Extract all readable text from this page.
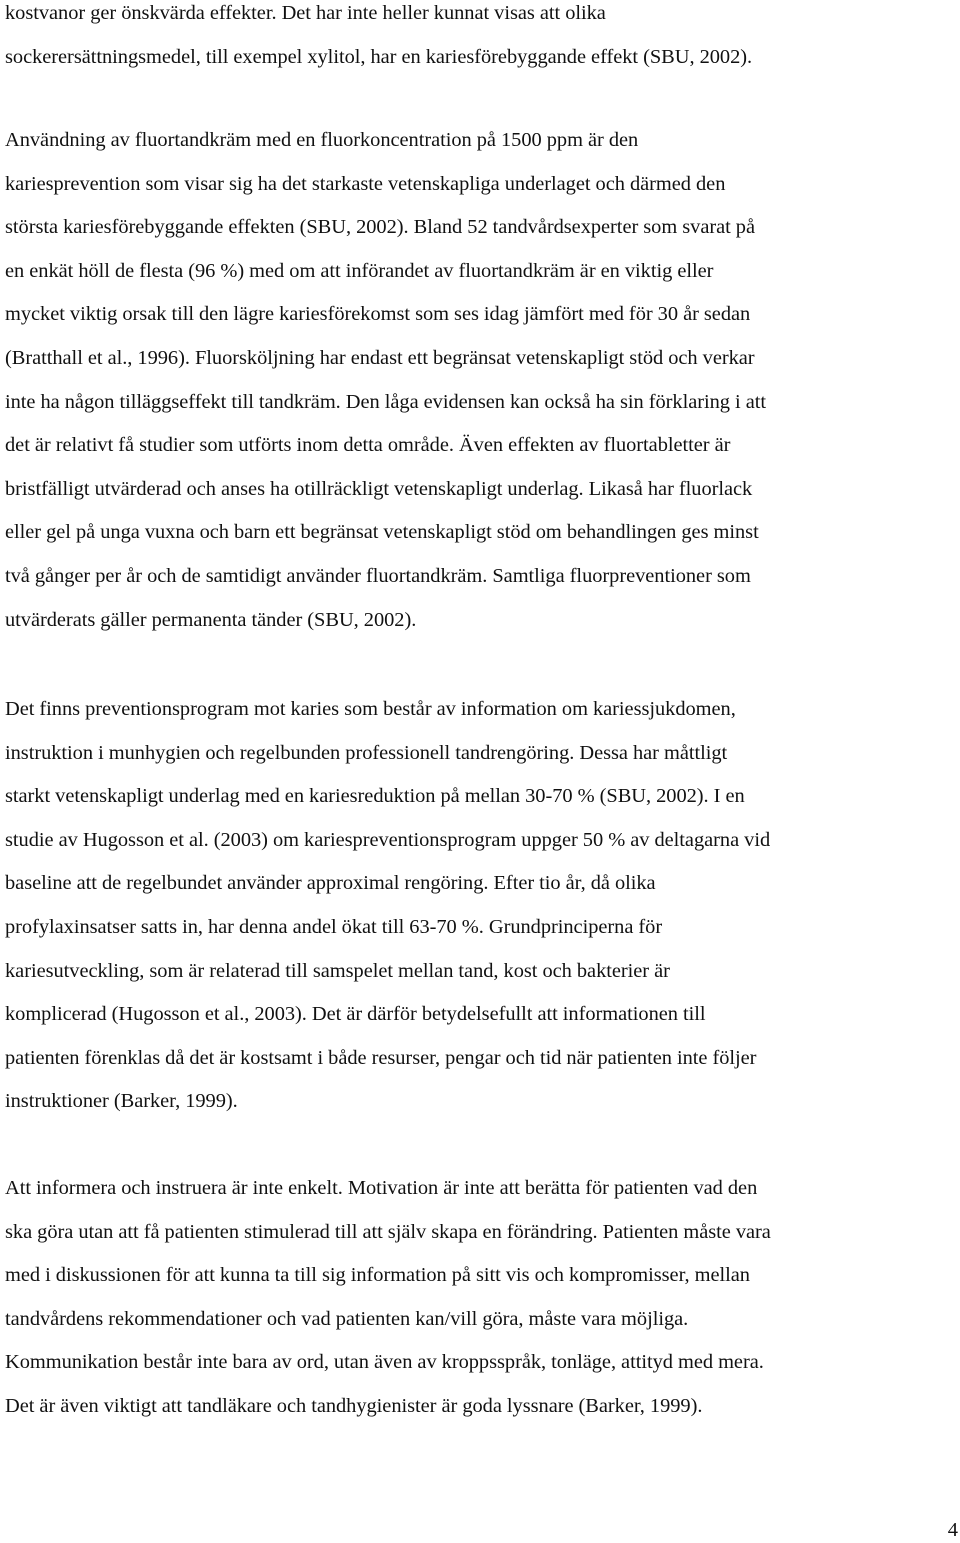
kostvanor ger önskvärda effekter. Det har inte heller kunnat visas att olika
sockerersättningsmedel, till exempel xylitol, har en kariesförebyggande effekt (SBU, 2002).
Användning av fluortandkräm med en fluorkoncentration på 1500 ppm är den
kariesprevention som visar sig ha det starkaste vetenskapliga underlaget och därmed den
största kariesförebyggande effekten (SBU, 2002). Bland 52 tandvårdsexperter som svarat på
en enkät höll de flesta (96 %) med om att införandet av fluortandkräm är en viktig eller
mycket viktig orsak till den lägre kariesförekomst som ses idag jämfört med för 30 år sedan
(Bratthall et al., 1996). Fluorsköljning har endast ett begränsat vetenskapligt stöd och verkar
inte ha någon tilläggseffekt till tandkräm. Den låga evidensen kan också ha sin förklaring i att
det är relativt få studier som utförts inom detta område. Även effekten av fluortabletter är
bristfälligt utvärderad och anses ha otillräckligt vetenskapligt underlag. Likaså har fluorlack
eller gel på unga vuxna och barn ett begränsat vetenskapligt stöd om behandlingen ges minst
två gånger per år och de samtidigt använder fluortandkräm. Samtliga fluorpreventioner som
utvärderats gäller permanenta tänder (SBU, 2002).
Det finns preventionsprogram mot karies som består av information om kariessjukdomen,
instruktion i munhygien och regelbunden professionell tandrengöring. Dessa har måttligt
starkt vetenskapligt underlag med en kariesreduktion på mellan 30-70 % (SBU, 2002). I en
studie av Hugosson et al. (2003) om kariespreventionsprogram uppger 50 % av deltagarna vid
baseline att de regelbundet använder approximal rengöring. Efter tio år, då olika
profylaxinsatser satts in, har denna andel ökat till 63-70 %. Grundprinciperna för
kariesutveckling, som är relaterad till samspelet mellan tand, kost och bakterier är
komplicerad (Hugosson et al., 2003). Det är därför betydelsefullt att informationen till
patienten förenklas då det är kostsamt i både resurser, pengar och tid när patienten inte följer
instruktioner (Barker, 1999).
Att informera och instruera är inte enkelt. Motivation är inte att berätta för patienten vad den
ska göra utan att få patienten stimulerad till att själv skapa en förändring. Patienten måste vara
med i diskussionen för att kunna ta till sig information på sitt vis och kompromisser, mellan
tandvårdens rekommendationer och vad patienten kan/vill göra, måste vara möjliga.
Kommunikation består inte bara av ord, utan även av kroppsspråk, tonläge, attityd med mera.
Det är även viktigt att tandläkare och tandhygienister är goda lyssnare (Barker, 1999).
4
